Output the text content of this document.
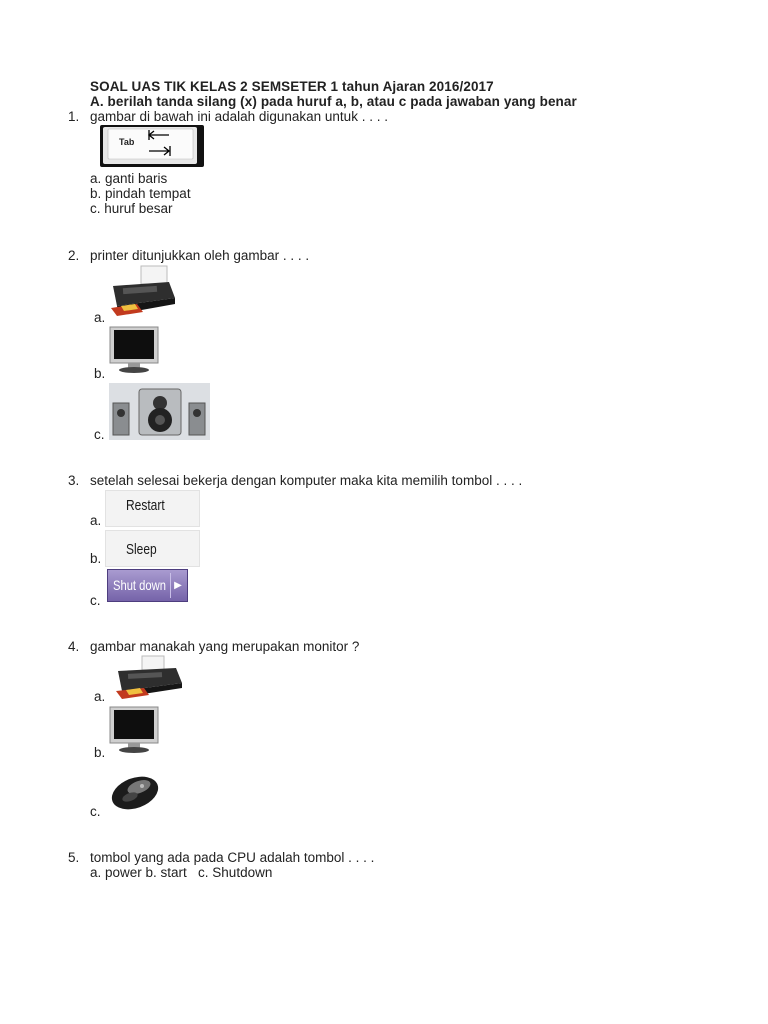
SOAL UAS TIK KELAS 2 SEMSETER 1 tahun Ajaran 2016/2017
A. berilah tanda silang (x) pada huruf a, b, atau c pada jawaban yang benar
1. gambar di bawah ini adalah digunakan untuk . . . .
Tab
a. ganti baris
b. pindah tempat
c. huruf besar
2. printer ditunjukkan oleh gambar . . . .
a.
b.
c.
3. setelah selesai bekerja dengan komputer maka kita memilih tombol . . . .
a.
Restart
b.
Sleep
c.
Shut down ▶
4. gambar manakah yang merupakan monitor ?
a.
b.
c.
5. tombol yang ada pada CPU adalah tombol . . . .
a. power b. start   c. Shutdown
